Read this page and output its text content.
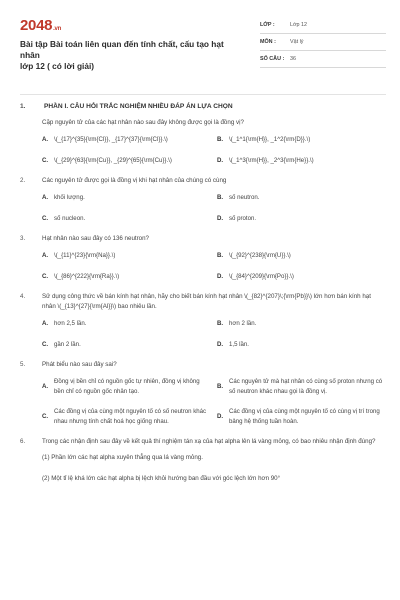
2048.vn
Bài tập Bài toán liên quan đến tính chất, cấu tạo hạt nhân
lớp 12 ( có lời giải)
LỚP :	Lớp 12
MÔN :	Vật lý
SỐ CÂU :	36
1.	PHẦN I. CÂU HỎI TRẮC NGHIỆM NHIỀU ĐÁP ÁN LỰA CHỌN
Cặp nguyên tử của các hạt nhân nào sau đây không được gọi là đồng vị?
A. \(_{17}^{35}{\rm{Cl}}, _{17}^{37}{\rm{Cl}}.\)	B. \(_1^1{\rm{H}}, _1^2{\rm{D}}.\)
C. \(_{29}^{63}{\rm{Cu}}, _{29}^{65}{\rm{Cu}}.\)	D. \(_1^3{\rm{H}}, _2^3{\rm{He}}.\)
2.	Các nguyên tử được gọi là đồng vị khi hạt nhân của chúng có cùng
A. khối lượng.	B. số neutron.
C. số nucleon.	D. số proton.
3.	Hạt nhân nào sau đây có 136 neutron?
A. \(_{11}^{23}{\rm{Na}}.\)	B. \(_{92}^{238}{\rm{U}}.\)
C. \(_{86}^{222}{\rm{Ra}}.\)	D. \(_{84}^{209}{\rm{Po}}.\)
4.	Sử dụng công thức về bán kính hạt nhân, hãy cho biết bán kính hạt nhân \(_{82}^{207}\;{\rm{Pb}}\) lớn hơn bán kính hạt nhân \(_{13}^{27}{\rm{Al}}\) bao nhiêu lần.
A. hơn 2,5 lần.	B. hơn 2 lần.
C. gần 2 lần.	D. 1,5 lần.
5.	Phát biểu nào sau đây sai?
A.
Đồng vị bền chỉ có nguồn gốc tự nhiên, đồng vị không bền chỉ có nguồn gốc nhân tạo.
B.
Các nguyên tử mà hạt nhân có cùng số proton nhưng có số neutron khác nhau gọi là đồng vị.
C.
Các đồng vị của cùng một nguyên tố có số neutron khác nhau nhưng tính chất hoá học giống nhau.
D.
Các đồng vị của cùng một nguyên tố có cùng vị trí trong bảng hệ thống tuần hoàn.
6.	Trong các nhận định sau đây về kết quả thí nghiệm tán xạ của hạt alpha lên lá vàng mỏng, có bao nhiêu nhận định đúng?
(1) Phần lớn các hạt alpha xuyên thẳng qua lá vàng mỏng.
(2) Một tỉ lệ khá lớn các hạt alpha bị lệch khỏi hướng ban đầu với góc lệch lớn hơn 90°
